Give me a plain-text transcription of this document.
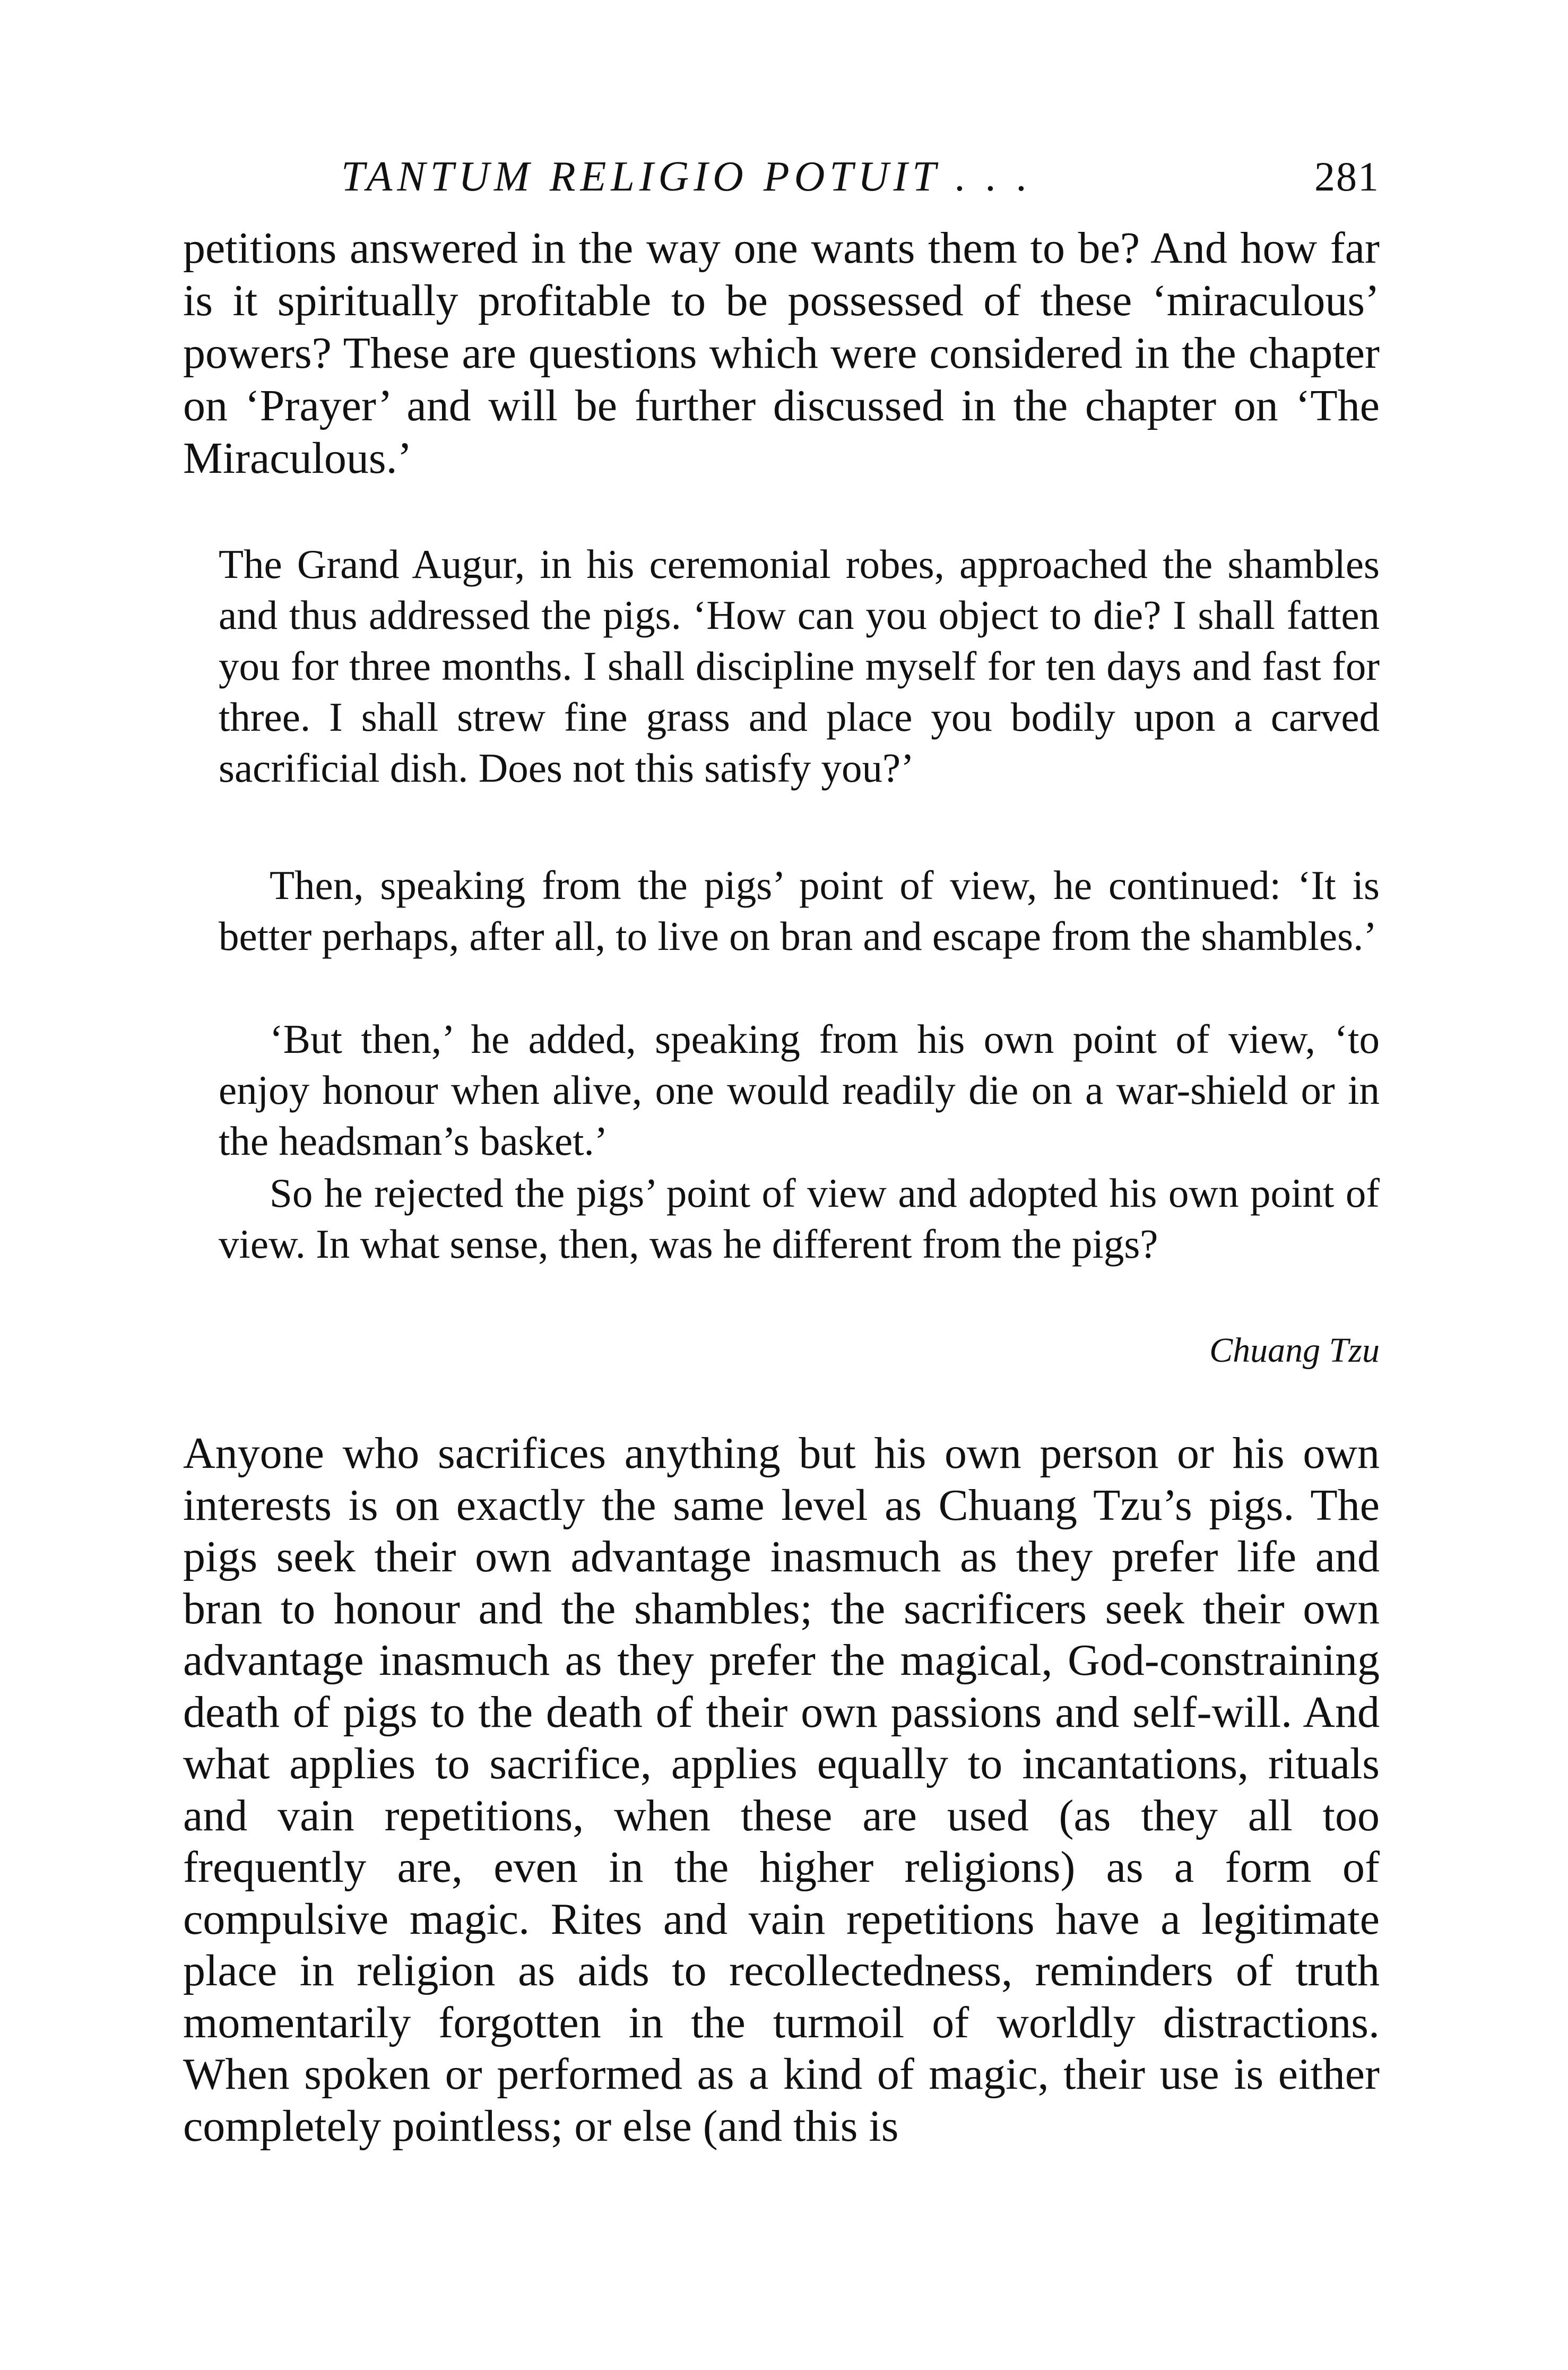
TANTUM RELIGIO POTUIT . . .	281

petitions answered in the way one wants them to be? And how far is it spiritually profitable to be possessed of these ‘miraculous’ powers? These are questions which were considered in the chapter on ‘Prayer’ and will be further discussed in the chapter on ‘The Miraculous.’

The Grand Augur, in his ceremonial robes, approached the shambles and thus addressed the pigs. ‘How can you object to die? I shall fatten you for three months. I shall discipline myself for ten days and fast for three. I shall strew fine grass and place you bodily upon a carved sacrificial dish. Does not this satisfy you?’

Then, speaking from the pigs’ point of view, he continued: ‘It is better perhaps, after all, to live on bran and escape from the shambles.’

‘But then,’ he added, speaking from his own point of view, ‘to enjoy honour when alive, one would readily die on a war-shield or in the headsman’s basket.’

So he rejected the pigs’ point of view and adopted his own point of view. In what sense, then, was he different from the pigs?

Chuang Tzu

Anyone who sacrifices anything but his own person or his own interests is on exactly the same level as Chuang Tzu’s pigs. The pigs seek their own advantage inasmuch as they prefer life and bran to honour and the shambles; the sacrificers seek their own advantage inasmuch as they prefer the magical, God-constraining death of pigs to the death of their own passions and self-will. And what applies to sacrifice, applies equally to incantations, rituals and vain repetitions, when these are used (as they all too frequently are, even in the higher religions) as a form of compulsive magic. Rites and vain repetitions have a legitimate place in religion as aids to recollectedness, reminders of truth momentarily forgotten in the turmoil of worldly distractions. When spoken or performed as a kind of magic, their use is either completely pointless; or else (and this is
